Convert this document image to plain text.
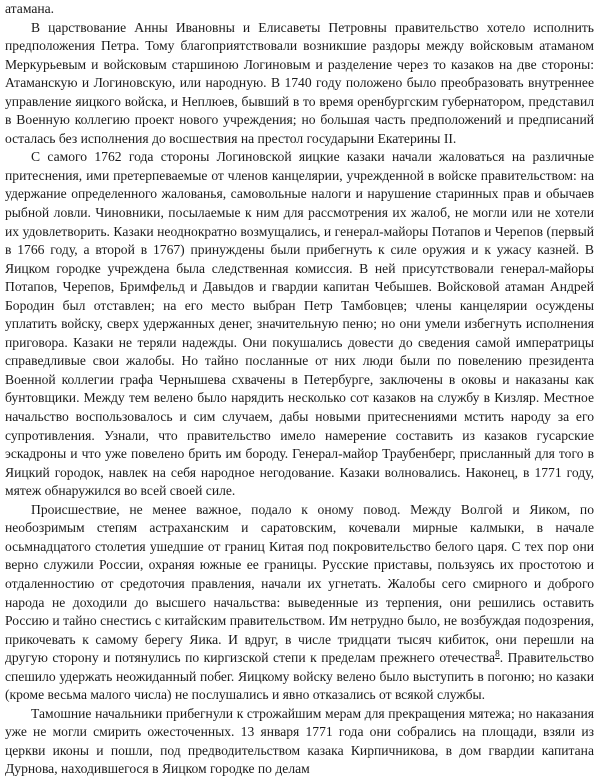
атамана.

В царствование Анны Ивановны и Елисаветы Петровны правительство хотело исполнить предположения Петра. Тому благоприятствовали возникшие раздоры между войсковым атаманом Меркурьевым и войсковым старшиною Логиновым и разделение через то казаков на две стороны: Атаманскую и Логиновскую, или народную. В 1740 году положено было преобразовать внутреннее управление яицкого войска, и Неплюев, бывший в то время оренбургским губернатором, представил в Военную коллегию проект нового учреждения; но большая часть предположений и предписаний осталась без исполнения до восшествия на престол государыни Екатерины II.

С самого 1762 года стороны Логиновской яицкие казаки начали жаловаться на различные притеснения, ими претерпеваемые от членов канцелярии, учрежденной в войске правительством: на удержание определенного жалованья, самовольные налоги и нарушение старинных прав и обычаев рыбной ловли. Чиновники, посылаемые к ним для рассмотрения их жалоб, не могли или не хотели их удовлетворить. Казаки неоднократно возмущались, и генерал-майоры Потапов и Черепов (первый в 1766 году, а второй в 1767) принуждены были прибегнуть к силе оружия и к ужасу казней. В Яицком городке учреждена была следственная комиссия. В ней присутствовали генерал-майоры Потапов, Черепов, Бримфельд и Давыдов и гвардии капитан Чебышев. Войсковой атаман Андрей Бородин был отставлен; на его место выбран Петр Тамбовцев; члены канцелярии осуждены уплатить войску, сверх удержанных денег, значительную пеню; но они умели избегнуть исполнения приговора. Казаки не теряли надежды. Они покушались довести до сведения самой императрицы справедливые свои жалобы. Но тайно посланные от них люди были по повелению президента Военной коллегии графа Чернышева схвачены в Петербурге, заключены в оковы и наказаны как бунтовщики. Между тем велено было нарядить несколько сот казаков на службу в Кизляр. Местное начальство воспользовалось и сим случаем, дабы новыми притеснениями мстить народу за его супротивления. Узнали, что правительство имело намерение составить из казаков гусарские эскадроны и что уже повелено брить им бороду. Генерал-майор Траубенберг, присланный для того в Яицкий городок, навлек на себя народное негодование. Казаки волновались. Наконец, в 1771 году, мятеж обнаружился во всей своей силе.

Происшествие, не менее важное, подало к оному повод. Между Волгой и Яиком, по необозримым степям астраханским и саратовским, кочевали мирные калмыки, в начале осьмнадцатого столетия ушедшие от границ Китая под покровительство белого царя. С тех пор они верно служили России, охраняя южные ее границы. Русские приставы, пользуясь их простотою и отдаленностию от средоточия правления, начали их угнетать. Жалобы сего смирного и доброго народа не доходили до высшего начальства: выведенные из терпения, они решились оставить Россию и тайно снестись с китайским правительством. Им нетрудно было, не возбуждая подозрения, прикочевать к самому берегу Яика. И вдруг, в числе тридцати тысяч кибиток, они перешли на другую сторону и потянулись по киргизской степи к пределам прежнего отечества$^8$. Правительство спешило удержать неожиданный побег. Яицкому войску велено было выступить в погоню; но казаки (кроме весьма малого числа) не послушались и явно отказались от всякой службы.

Тамошние начальники прибегнули к строжайшим мерам для прекращения мятежа; но наказания уже не могли смирить ожесточенных. 13 января 1771 года они собрались на площади, взяли из церкви иконы и пошли, под предводительством казака Кирпичникова, в дом гвардии капитана Дурнова, находившегося в Яицком городке по делам
